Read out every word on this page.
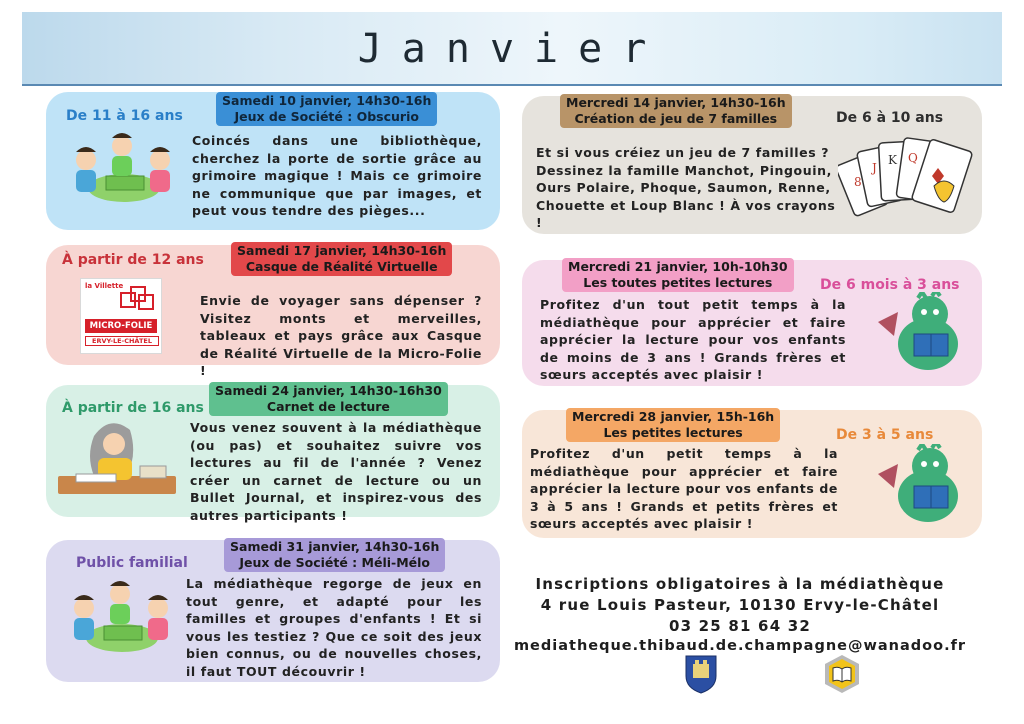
Janvier
Samedi 10 janvier, 14h30-16h
Jeux de Société : Obscurio
De 11 à 16 ans
Coincés dans une bibliothèque, cherchez la porte de sortie grâce au grimoire magique ! Mais ce grimoire ne communique que par images, et peut vous tendre des pièges...
Samedi 17 janvier, 14h30-16h
Casque de Réalité Virtuelle
À partir de 12 ans
la Villette
MICRO-FOLIE
ERVY-LE-CHÂTEL
Envie de voyager sans dépenser ? Visitez monts et merveilles, tableaux et pays grâce aux Casque de Réalité Virtuelle de la Micro-Folie !
Samedi 24 janvier, 14h30-16h30
Carnet de lecture
À partir de 16 ans
Vous venez souvent à la médiathèque (ou pas) et souhaitez suivre vos lectures au fil de l'année ? Venez créer un carnet de lecture ou un Bullet Journal, et inspirez-vous des autres participants !
Samedi 31 janvier, 14h30-16h
Jeux de Société : Méli-Mélo
Public familial
La médiathèque regorge de jeux en tout genre, et adapté pour les familles et groupes d'enfants ! Et si vous les testiez ? Que ce soit des jeux bien connus, ou de nouvelles choses, il faut TOUT découvrir !
Mercredi 14 janvier, 14h30-16h
Création de jeu de 7 familles	De 6 à 10 ans
8
J
K Q
Et si vous créiez un jeu de 7 familles ? Dessinez la famille Manchot, Pingouin, Ours Polaire, Phoque, Saumon, Renne, Chouette et Loup Blanc ! À vos crayons !
Mercredi 21 janvier, 10h-10h30
Les toutes petites lectures	De 6 mois à 3 ans
Profitez d'un tout petit temps à la médiathèque pour apprécier et faire apprécier la lecture pour vos enfants de moins de 3 ans ! Grands frères et sœurs acceptés avec plaisir !
Mercredi 28 janvier, 15h-16h
Les petites lectures	De 3 à 5 ans
Profitez d'un petit temps à la médiathèque pour apprécier et faire apprécier la lecture pour vos enfants de 3 à 5 ans ! Grands et petits frères et sœurs acceptés avec plaisir !
Inscriptions obligatoires à la médiathèque
4 rue Louis Pasteur, 10130 Ervy-le-Châtel
03 25 81 64 32
mediatheque.thibaud.de.champagne@wanadoo.fr
